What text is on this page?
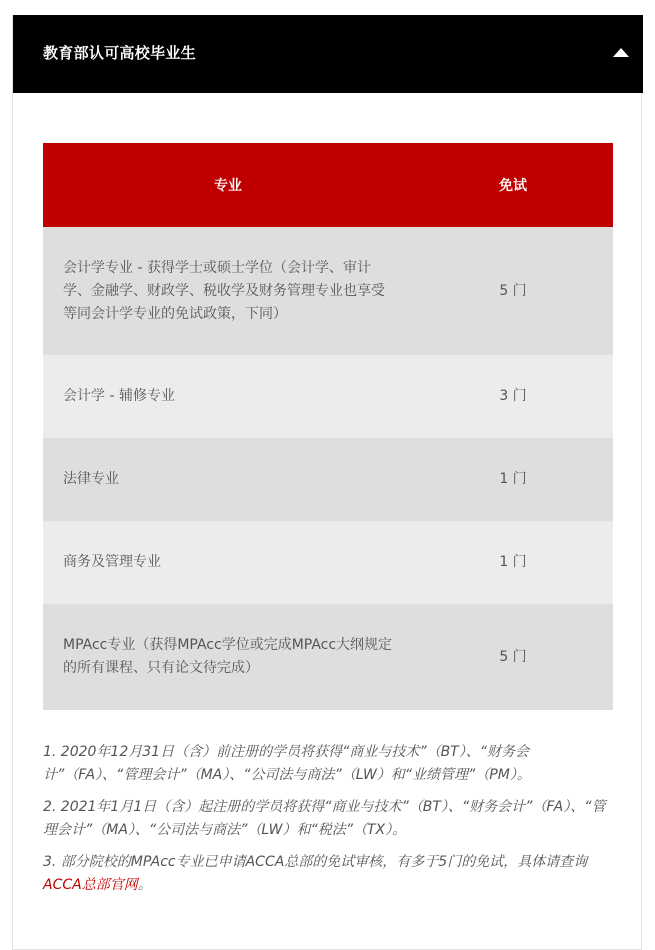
教育部认可高校毕业生
专业	免试
会计学专业 - 获得学士或硕士学位（会计学、审计学、金融学、财政学、税收学及财务管理专业也享受等同会计学专业的免试政策，下同）	5 门
会计学 - 辅修专业	3 门
法律专业	1 门
商务及管理专业	1 门
MPAcc专业（获得MPAcc学位或完成MPAcc大纲规定的所有课程、只有论文待完成）	5 门

1. 2020年12月31日（含）前注册的学员将获得“商业与技术”（BT）、“财务会计”（FA）、“管理会计”（MA）、“公司法与商法”（LW）和“业绩管理”（PM）。

2. 2021年1月1日（含）起注册的学员将获得“商业与技术”（BT）、“财务会计”（FA）、“管理会计”（MA）、“公司法与商法”（LW）和“税法”（TX）。

3. 部分院校的MPAcc专业已申请ACCA总部的免试审核，有多于5门的免试，具体请查询 ACCA总部官网。
